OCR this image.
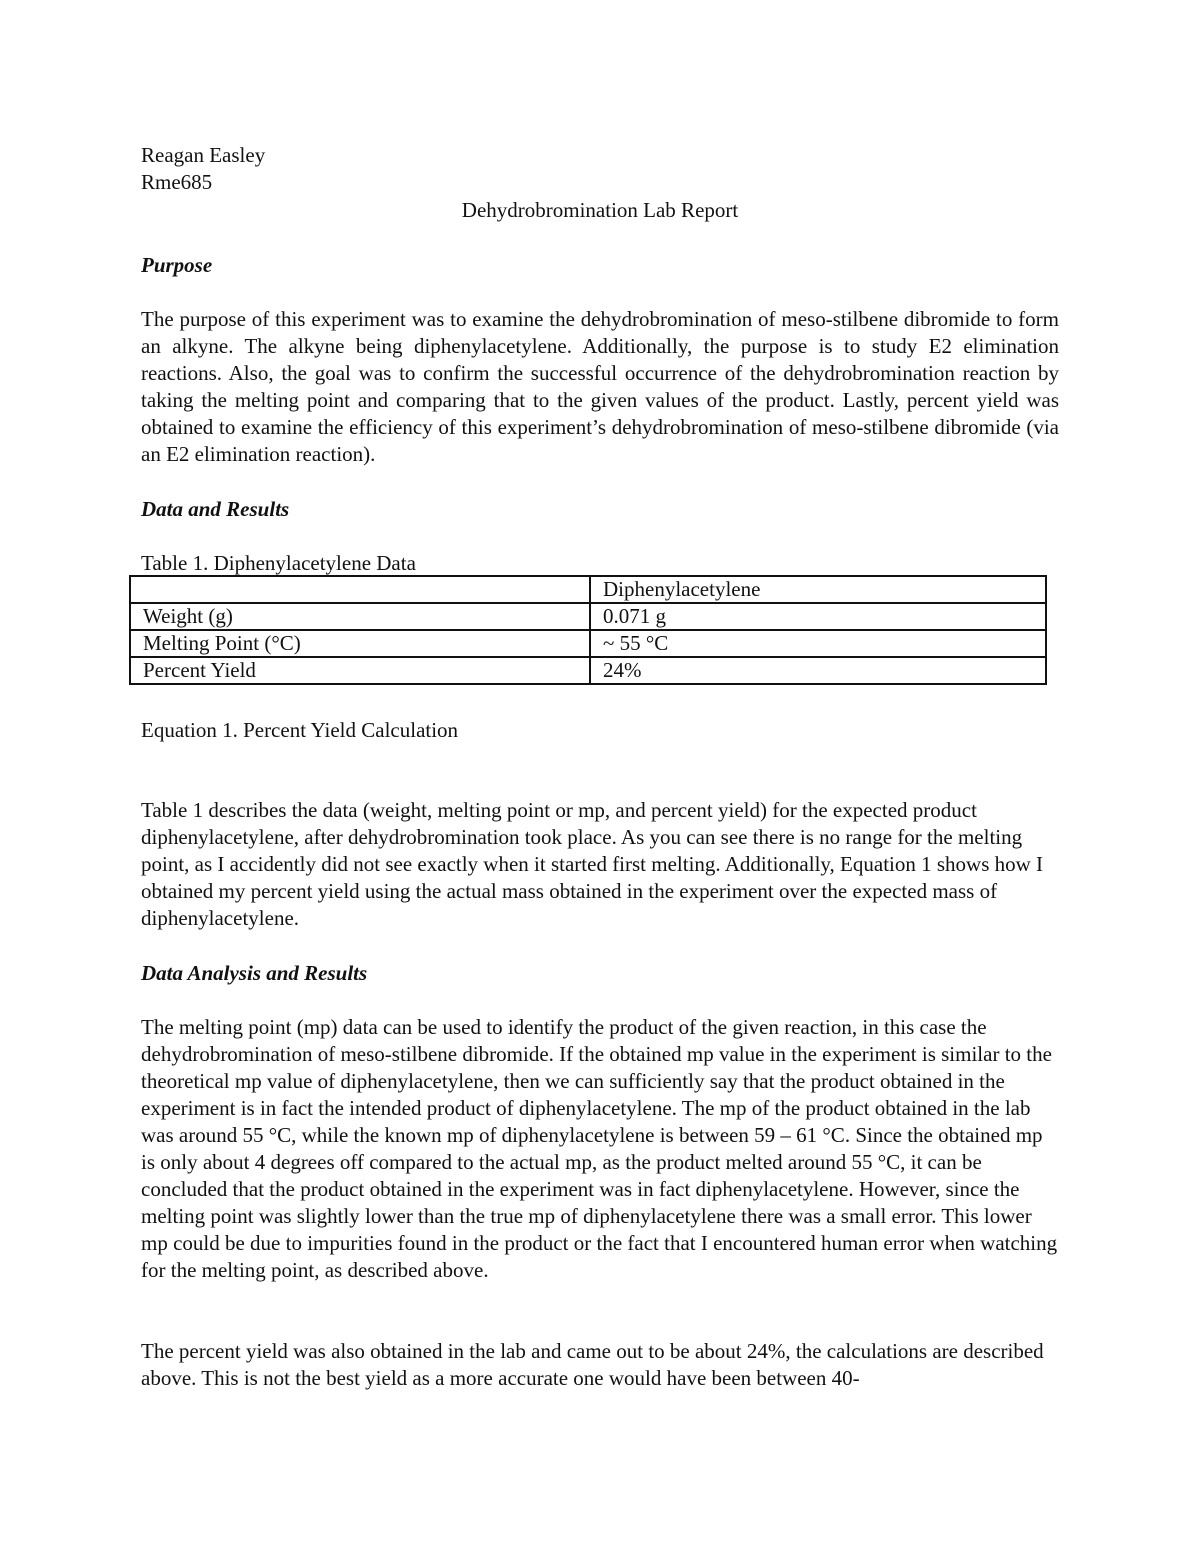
Reagan Easley
Rme685
Dehydrobromination Lab Report
Purpose

The purpose of this experiment was to examine the dehydrobromination of meso-stilbene dibromide to form an alkyne. The alkyne being diphenylacetylene. Additionally, the purpose is to study E2 elimination reactions. Also, the goal was to confirm the successful occurrence of the dehydrobromination reaction by taking the melting point and comparing that to the given values of the product. Lastly, percent yield was obtained to examine the efficiency of this experiment’s dehydrobromination of meso-stilbene dibromide (via an E2 elimination reaction).

Data and Results
Table 1. Diphenylacetylene Data
	Diphenylacetylene
Weight (g)	0.071 g
Melting Point (°C)	~ 55 °C
Percent Yield	24%
Equation 1. Percent Yield Calculation

Table 1 describes the data (weight, melting point or mp, and percent yield) for the expected product diphenylacetylene, after dehydrobromination took place. As you can see there is no range for the melting point, as I accidently did not see exactly when it started first melting. Additionally, Equation 1 shows how I obtained my percent yield using the actual mass obtained in the experiment over the expected mass of diphenylacetylene.

Data Analysis and Results

The melting point (mp) data can be used to identify the product of the given reaction, in this case the dehydrobromination of meso-stilbene dibromide. If the obtained mp value in the experiment is similar to the theoretical mp value of diphenylacetylene, then we can sufficiently say that the product obtained in the experiment is in fact the intended product of diphenylacetylene. The mp of the product obtained in the lab was around 55 °C, while the known mp of diphenylacetylene is between 59 – 61 °C. Since the obtained mp is only about 4 degrees off compared to the actual mp, as the product melted around 55 °C, it can be concluded that the product obtained in the experiment was in fact diphenylacetylene. However, since the melting point was slightly lower than the true mp of diphenylacetylene there was a small error. This lower mp could be due to impurities found in the product or the fact that I encountered human error when watching for the melting point, as described above.

The percent yield was also obtained in the lab and came out to be about 24%, the calculations are described above. This is not the best yield as a more accurate one would have been between 40-
